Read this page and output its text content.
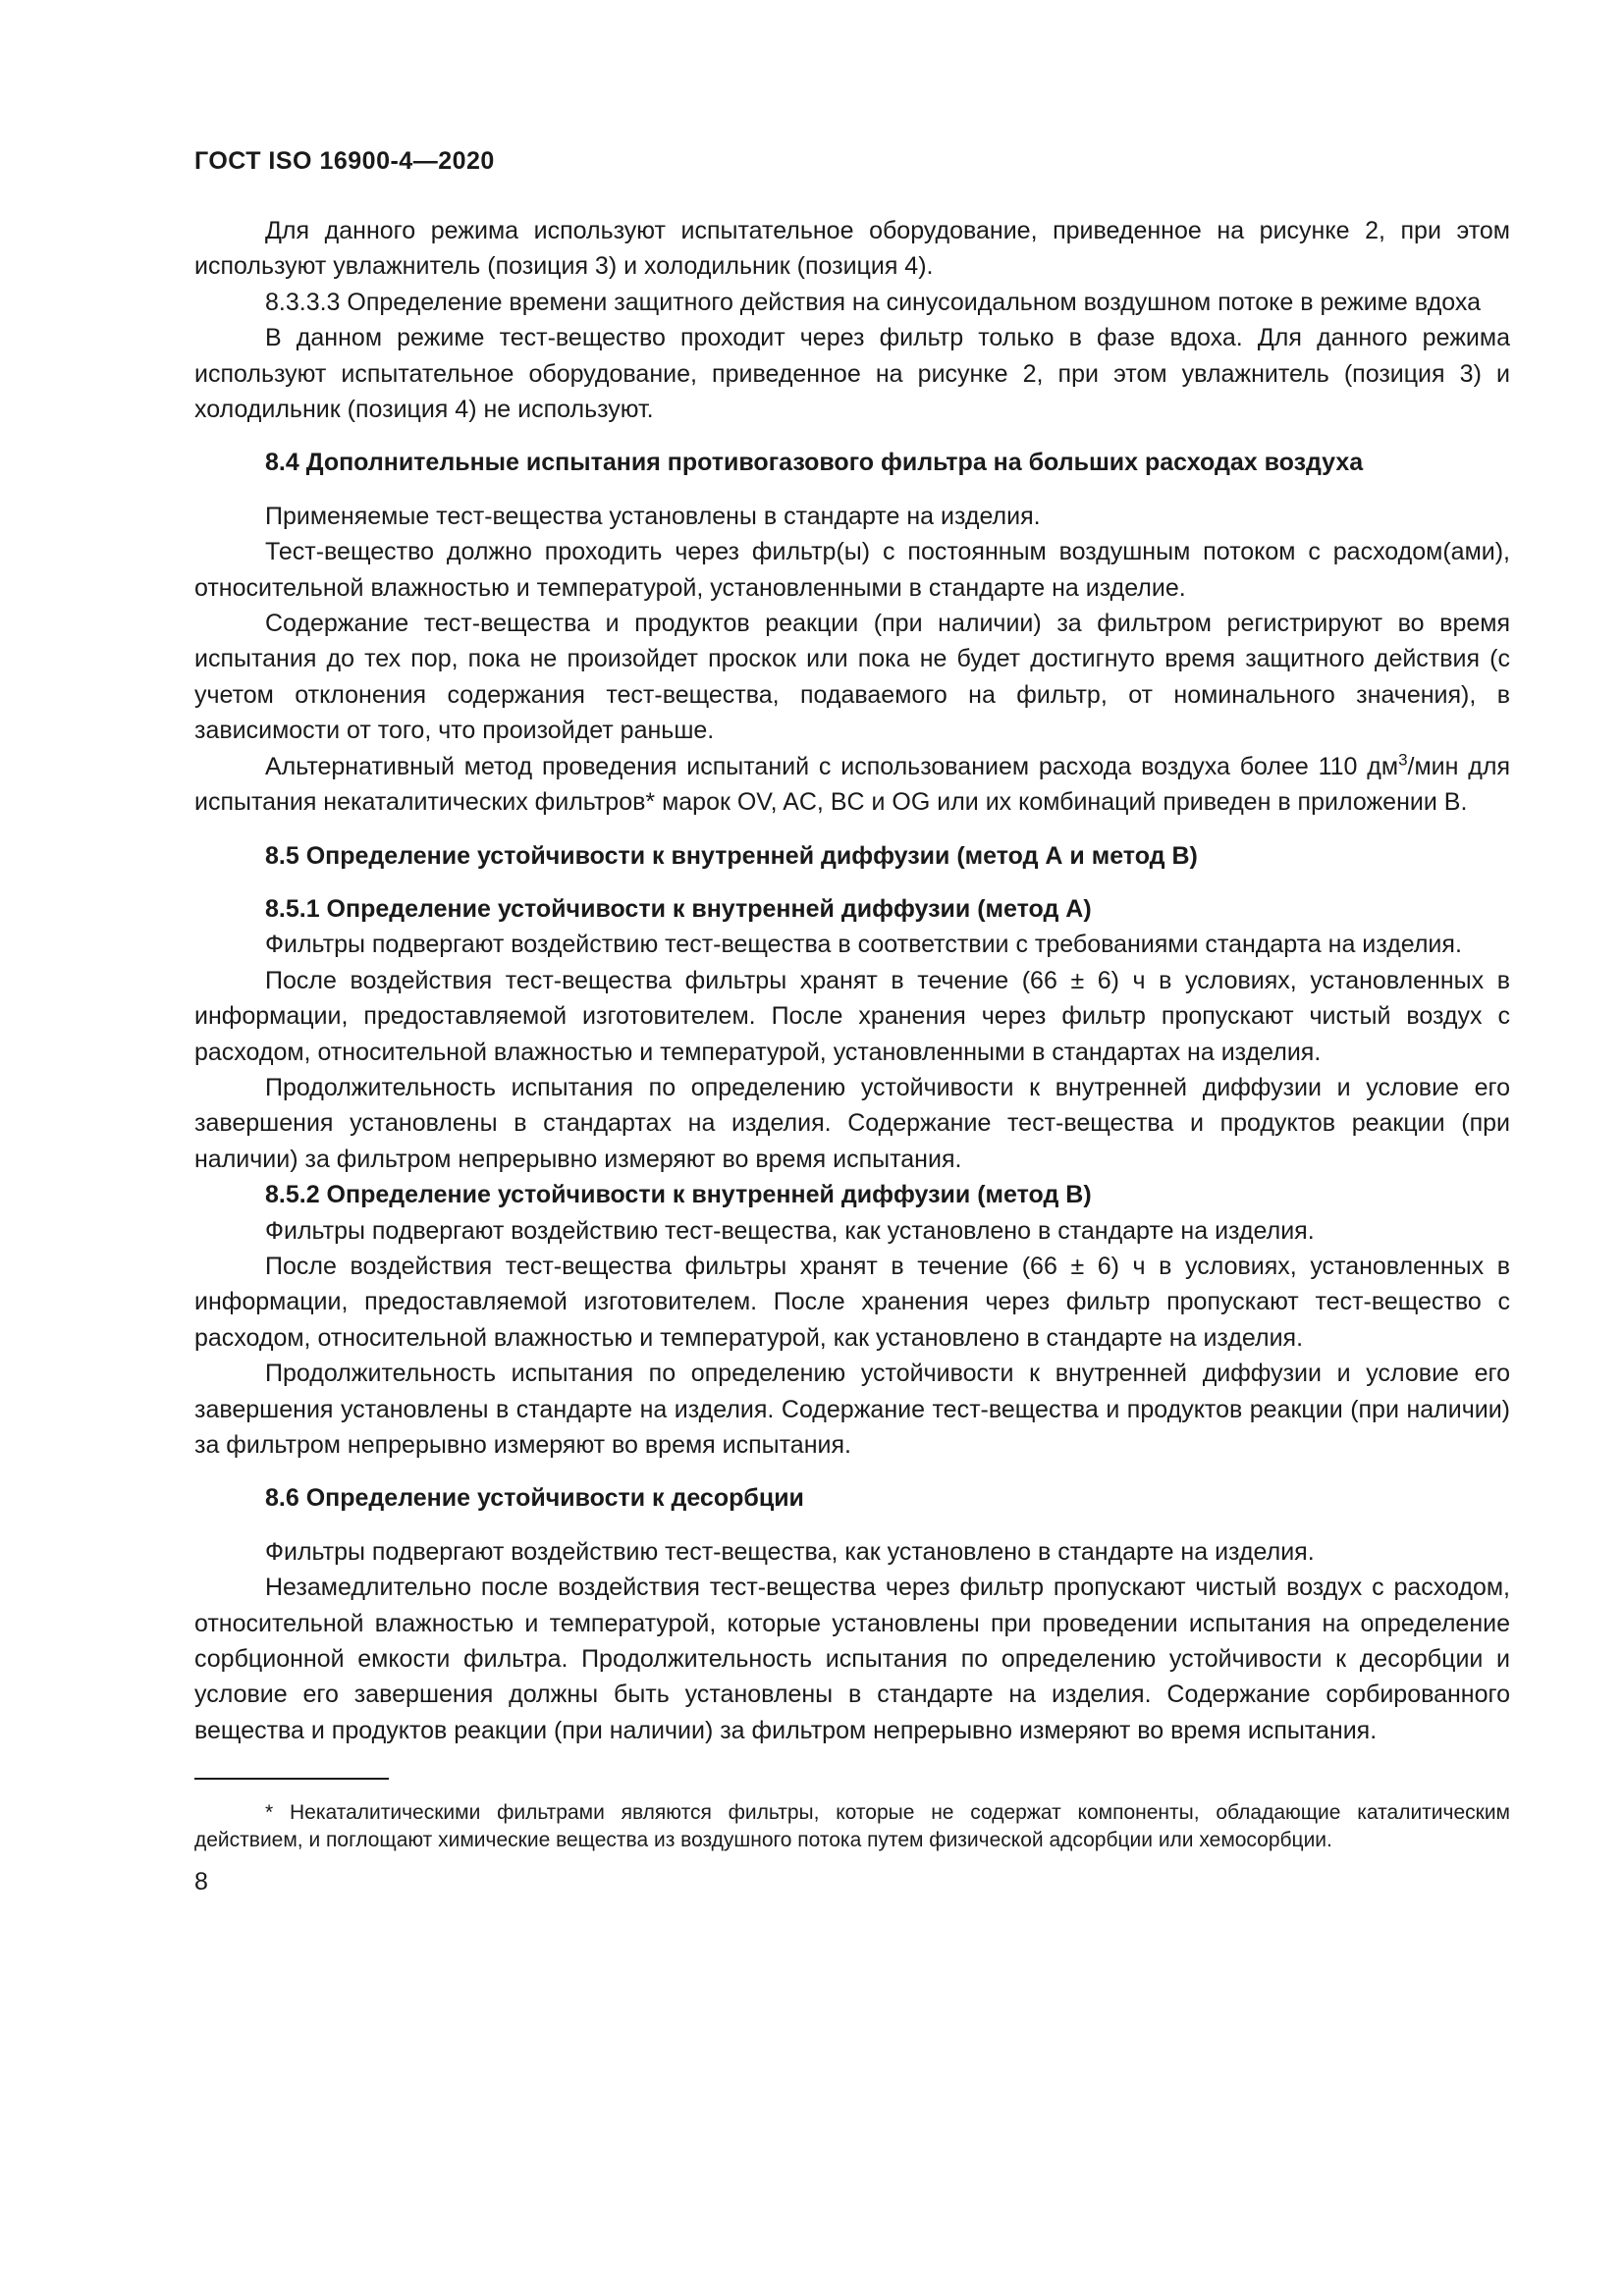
ГОСТ ISO 16900-4—2020

Для данного режима используют испытательное оборудование, приведенное на рисунке 2, при этом используют увлажнитель (позиция 3) и холодильник (позиция 4).

8.3.3.3 Определение времени защитного действия на синусоидальном воздушном потоке в режиме вдоха

В данном режиме тест-вещество проходит через фильтр только в фазе вдоха. Для данного режима используют испытательное оборудование, приведенное на рисунке 2, при этом увлажнитель (позиция 3) и холодильник (позиция 4) не используют.

8.4 Дополнительные испытания противогазового фильтра на больших расходах воздуха

Применяемые тест-вещества установлены в стандарте на изделия.

Тест-вещество должно проходить через фильтр(ы) с постоянным воздушным потоком с расходом(ами), относительной влажностью и температурой, установленными в стандарте на изделие.

Содержание тест-вещества и продуктов реакции (при наличии) за фильтром регистрируют во время испытания до тех пор, пока не произойдет проскок или пока не будет достигнуто время защитного действия (с учетом отклонения содержания тест-вещества, подаваемого на фильтр, от номинального значения), в зависимости от того, что произойдет раньше.

Альтернативный метод проведения испытаний с использованием расхода воздуха более 110 $дм^3$/мин для испытания некаталитических фильтров* марок OV, AC, BC и OG или их комбинаций приведен в приложении B.

8.5 Определение устойчивости к внутренней диффузии (метод А и метод В)
8.5.1 Определение устойчивости к внутренней диффузии (метод А)

Фильтры подвергают воздействию тест-вещества в соответствии с требованиями стандарта на изделия.

После воздействия тест-вещества фильтры хранят в течение (66 ± 6) ч в условиях, установленных в информации, предоставляемой изготовителем. После хранения через фильтр пропускают чистый воздух с расходом, относительной влажностью и температурой, установленными в стандартах на изделия.

Продолжительность испытания по определению устойчивости к внутренней диффузии и условие его завершения установлены в стандартах на изделия. Содержание тест-вещества и продуктов реакции (при наличии) за фильтром непрерывно измеряют во время испытания.

8.5.2 Определение устойчивости к внутренней диффузии (метод В)

Фильтры подвергают воздействию тест-вещества, как установлено в стандарте на изделия.

После воздействия тест-вещества фильтры хранят в течение (66 ± 6) ч в условиях, установленных в информации, предоставляемой изготовителем. После хранения через фильтр пропускают тест-вещество с расходом, относительной влажностью и температурой, как установлено в стандарте на изделия.

Продолжительность испытания по определению устойчивости к внутренней диффузии и условие его завершения установлены в стандарте на изделия. Содержание тест-вещества и продуктов реакции (при наличии) за фильтром непрерывно измеряют во время испытания.

8.6 Определение устойчивости к десорбции

Фильтры подвергают воздействию тест-вещества, как установлено в стандарте на изделия.

Незамедлительно после воздействия тест-вещества через фильтр пропускают чистый воздух с расходом, относительной влажностью и температурой, которые установлены при проведении испытания на определение сорбционной емкости фильтра. Продолжительность испытания по определению устойчивости к десорбции и условие его завершения должны быть установлены в стандарте на изделия. Содержание сорбированного вещества и продуктов реакции (при наличии) за фильтром непрерывно измеряют во время испытания.

* Некаталитическими фильтрами являются фильтры, которые не содержат компоненты, обладающие каталитическим действием, и поглощают химические вещества из воздушного потока путем физической адсорбции или хемосорбции.

8
